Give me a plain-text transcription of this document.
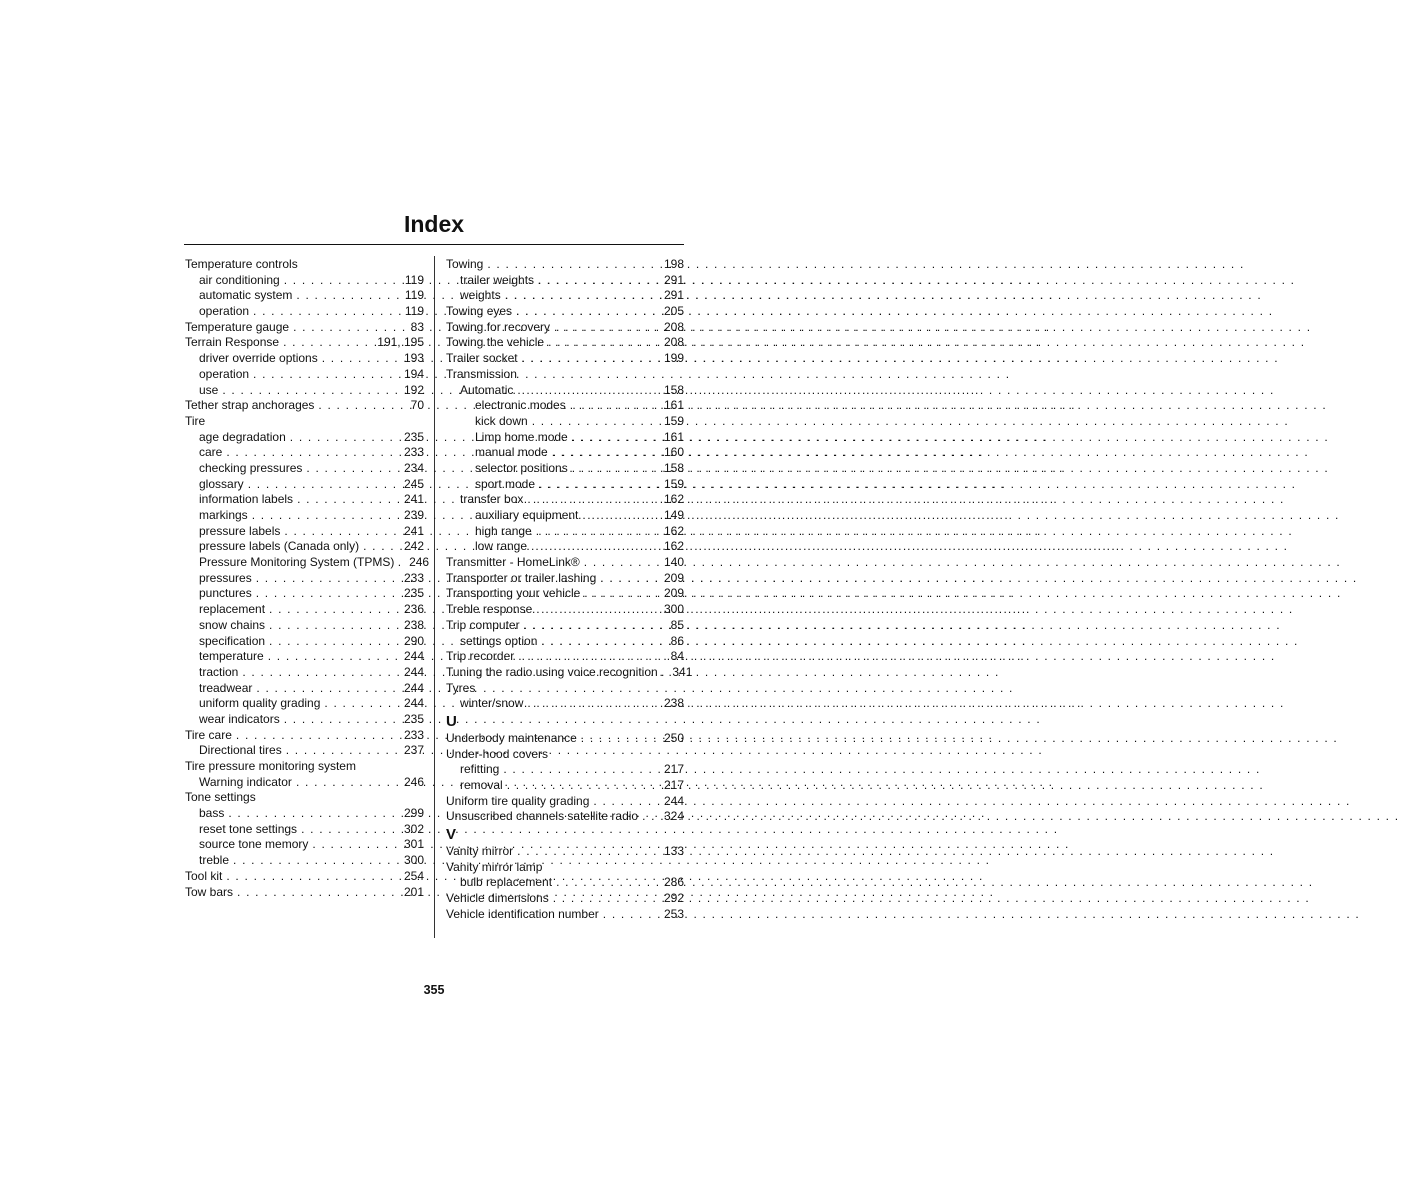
Index
Temperature controls
air conditioning . . .	119
automatic system . . .	119
operation . . .	119
Temperature gauge . . .	83
Terrain Response . . .	191, 195
driver override options . . .	193
operation . . .	194
use . . .	192
Tether strap anchorages . . .	70
Tire
age degradation . . .	235
care . . .	233
checking pressures . . .	234
glossary . . .	245
information labels . . .	241
markings . . .	239
pressure labels . . .	241
pressure labels (Canada only) . . .	242
Pressure Monitoring System (TPMS) . 246
pressures . . .	233
punctures . . .	235
replacement . . .	236
snow chains . . .	238
specification . . .	290
temperature . . .	244
traction . . .	244
treadwear . . .	244
uniform quality grading . . .	244
wear indicators . . .	235
Tire care . . .	233
Directional tires . . .	237
Tire pressure monitoring system
Warning indicator . . .	246
Tone settings
bass . . .	299
reset tone settings . . .	302
source tone memory . . .	301
treble . . .	300
Tool kit . . .	254
Tow bars . . .	201
Towing . . .	198
trailer weights . . .	291
weights . . .	291
Towing eyes . . .	205
Towing for recovery . . .	208
Towing the vehicle . . .	208
Trailer socket . . .	199
Transmission
Automatic . . .	158
electronic modes . . .	161
kick down . . .	159
Limp home mode . . .	161
manual mode . . .	160
selector positions . . .	158
sport mode . . .	159
transfer box . . .	162
auxiliary equipment . . .	149
high range . . .	162
low range . . .	162
Transmitter - HomeLink® . . .	140
Transporter or trailer lashing . . .	209
Transporting your vehicle . . .	209
Treble response . . .	300
Trip computer . . .	85
settings option . . .	86
Trip recorder . . .	84
Tuning the radio using voice recognition . 341
Tyres
winter/snow . . .	238
U
Underbody maintenance . . .	250
Under-hood covers
refitting . . .	217
removal . . .	217
Uniform tire quality grading . . .	244
Unsuscribed channels satellite radio . . . 324
V
Vanity mirror . . .	133
Vanity mirror lamp
bulb replacement . . .	286
Vehicle dimensions . . .	292
Vehicle identification number . . .	253
355
